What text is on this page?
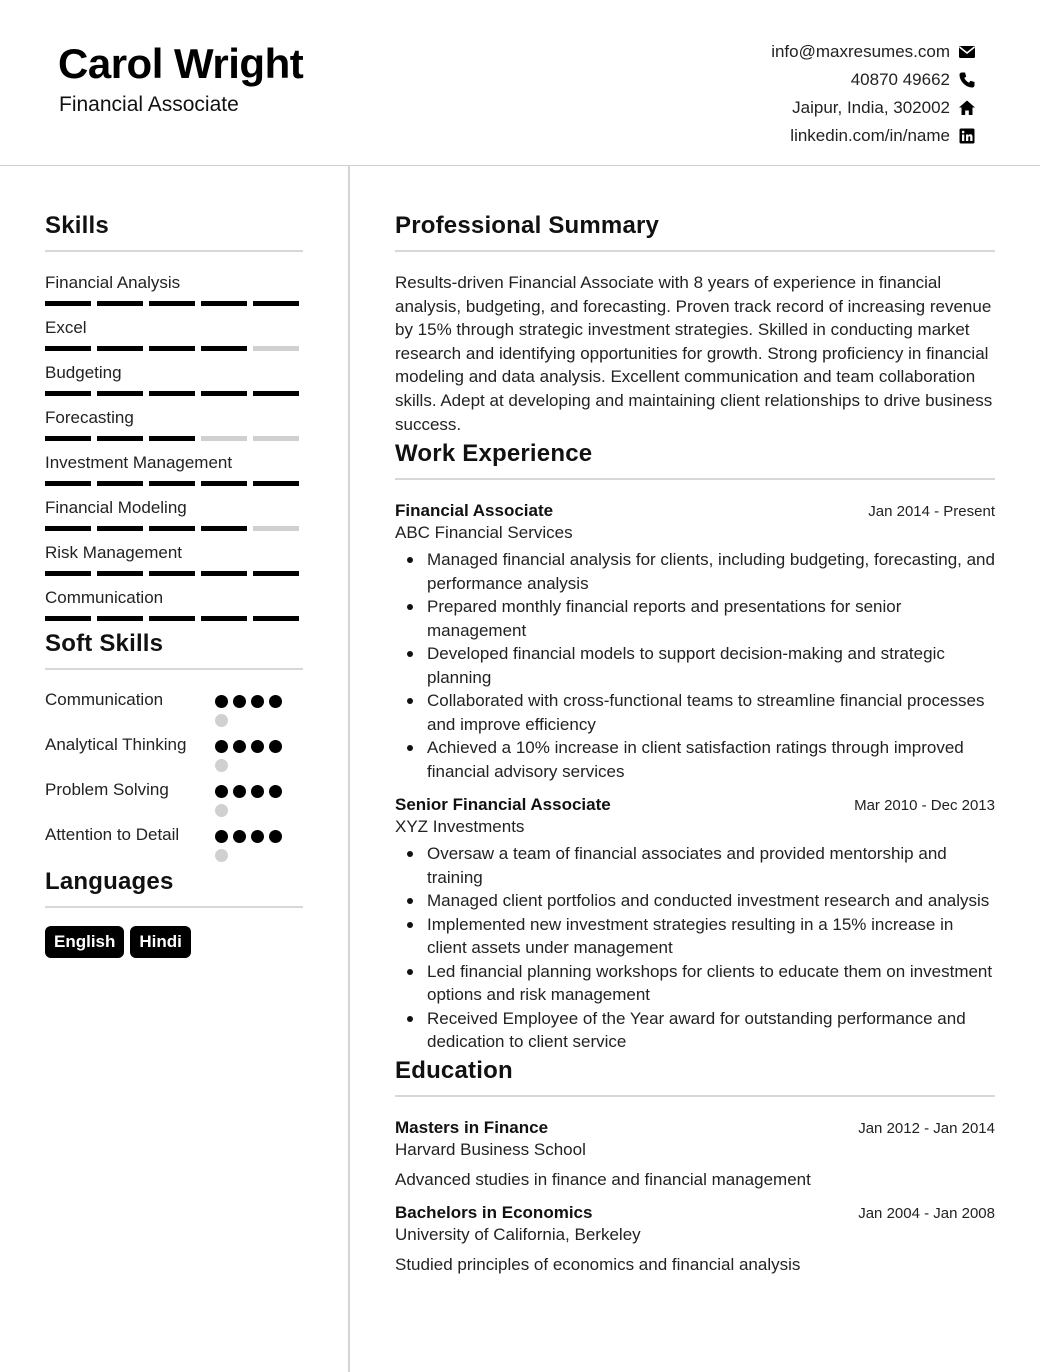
Carol Wright
Financial Associate
info@maxresumes.com
40870 49662
Jaipur, India, 302002
linkedin.com/in/name
Skills
Financial Analysis
Excel
Budgeting
Forecasting
Investment Management
Financial Modeling
Risk Management
Communication
Soft Skills
Communication
Analytical Thinking
Problem Solving
Attention to Detail
Languages
English	Hindi
Professional Summary
Results-driven Financial Associate with 8 years of experience in financial analysis, budgeting, and forecasting. Proven track record of increasing revenue by 15% through strategic investment strategies. Skilled in conducting market research and identifying opportunities for growth. Strong proficiency in financial modeling and data analysis. Excellent communication and team collaboration skills. Adept at developing and maintaining client relationships to drive business success.
Work Experience
Financial Associate	Jan 2014 - Present
ABC Financial Services
Managed financial analysis for clients, including budgeting, forecasting, and performance analysis
Prepared monthly financial reports and presentations for senior management
Developed financial models to support decision-making and strategic planning
Collaborated with cross-functional teams to streamline financial processes and improve efficiency
Achieved a 10% increase in client satisfaction ratings through improved financial advisory services
Senior Financial Associate	Mar 2010 - Dec 2013
XYZ Investments
Oversaw a team of financial associates and provided mentorship and training
Managed client portfolios and conducted investment research and analysis
Implemented new investment strategies resulting in a 15% increase in client assets under management
Led financial planning workshops for clients to educate them on investment options and risk management
Received Employee of the Year award for outstanding performance and dedication to client service
Education
Masters in Finance	Jan 2012 - Jan 2014
Harvard Business School
Advanced studies in finance and financial management
Bachelors in Economics	Jan 2004 - Jan 2008
University of California, Berkeley
Studied principles of economics and financial analysis
